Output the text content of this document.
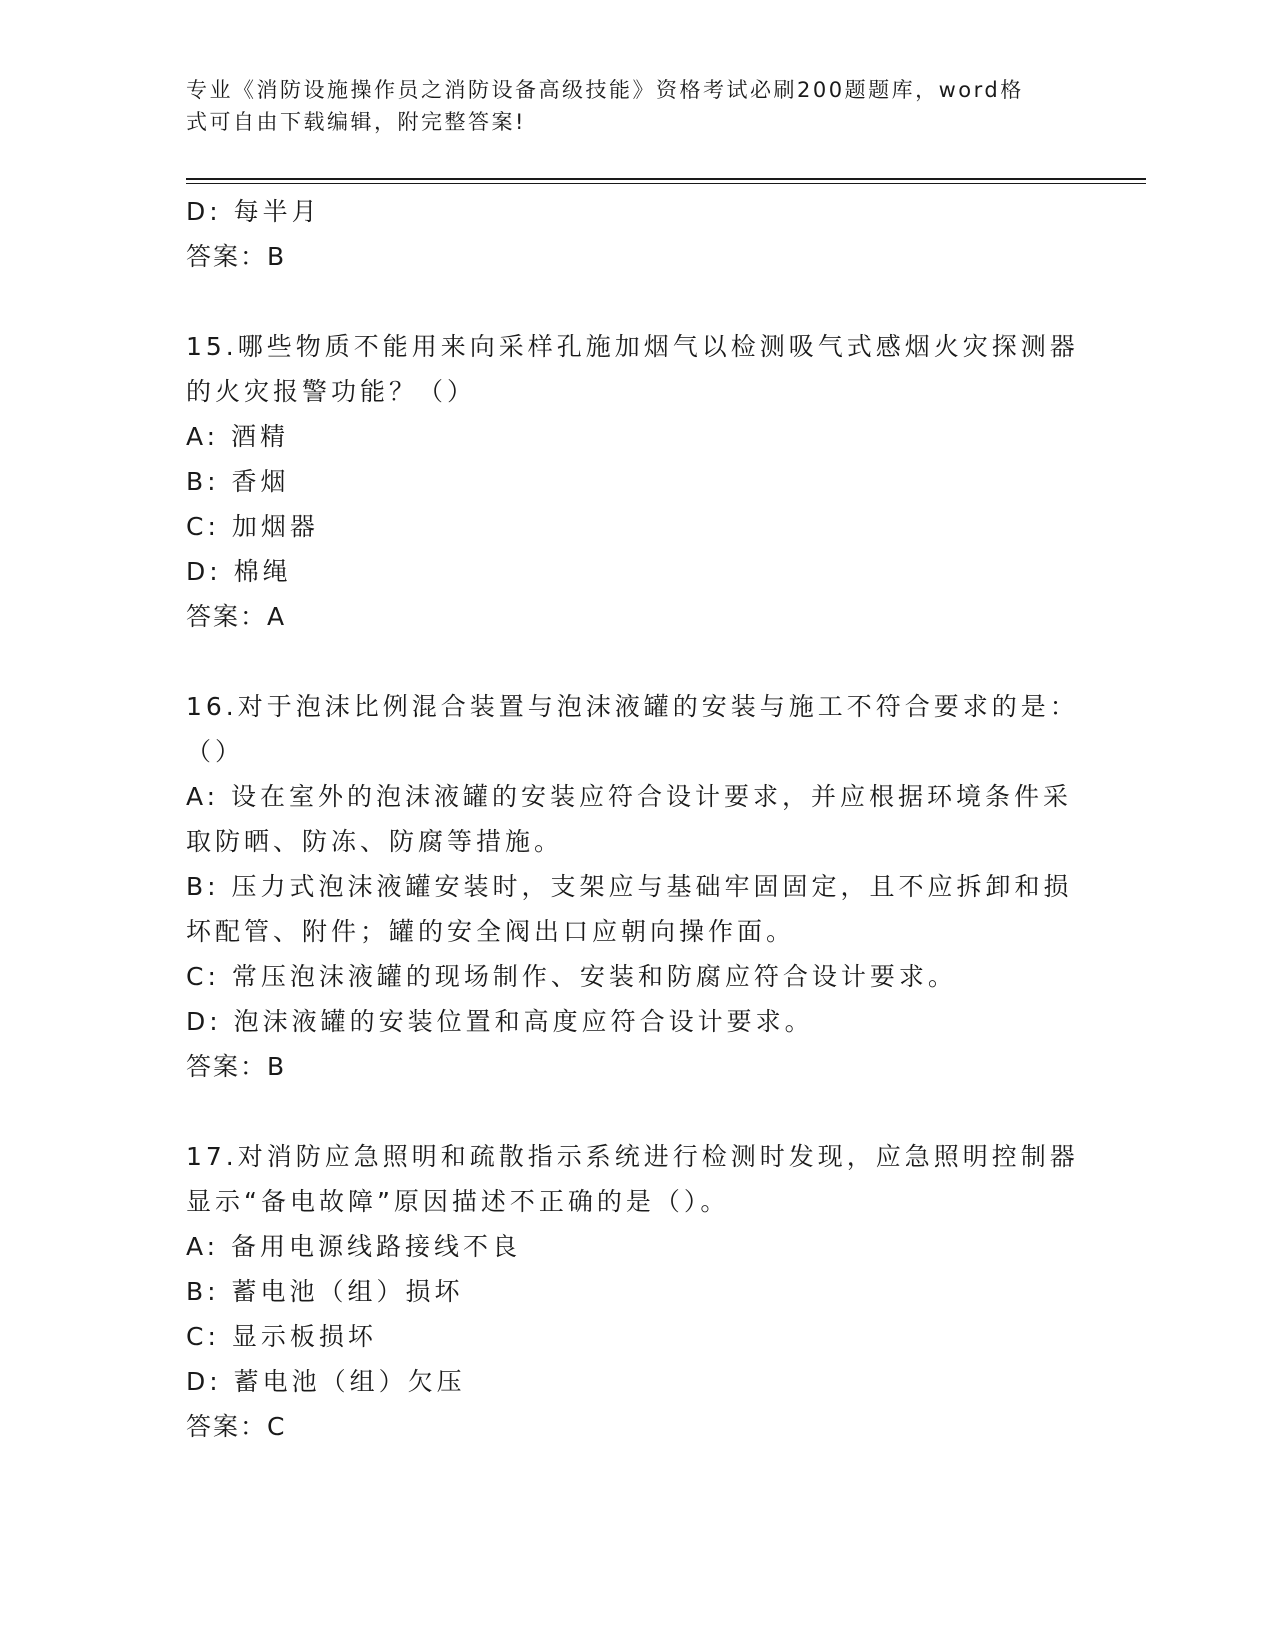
专业《消防设施操作员之消防设备高级技能》资格考试必刷200题题库，word格
式可自由下载编辑，附完整答案!
D: 每半月
答案：B
15.哪些物质不能用来向采样孔施加烟气以检测吸气式感烟火灾探测器
的火灾报警功能？（）
A: 酒精
B: 香烟
C: 加烟器
D: 棉绳
答案：A
16.对于泡沫比例混合装置与泡沫液罐的安装与施工不符合要求的是：
（）
A: 设在室外的泡沫液罐的安装应符合设计要求，并应根据环境条件采
取防晒、防冻、防腐等措施。
B: 压力式泡沫液罐安装时，支架应与基础牢固固定，且不应拆卸和损
坏配管、附件；罐的安全阀出口应朝向操作面。
C: 常压泡沫液罐的现场制作、安装和防腐应符合设计要求。
D: 泡沫液罐的安装位置和高度应符合设计要求。
答案：B
17.对消防应急照明和疏散指示系统进行检测时发现，应急照明控制器
显示“备电故障”原因描述不正确的是（）。
A: 备用电源线路接线不良
B: 蓄电池（组）损坏
C: 显示板损坏
D: 蓄电池（组）欠压
答案：C
